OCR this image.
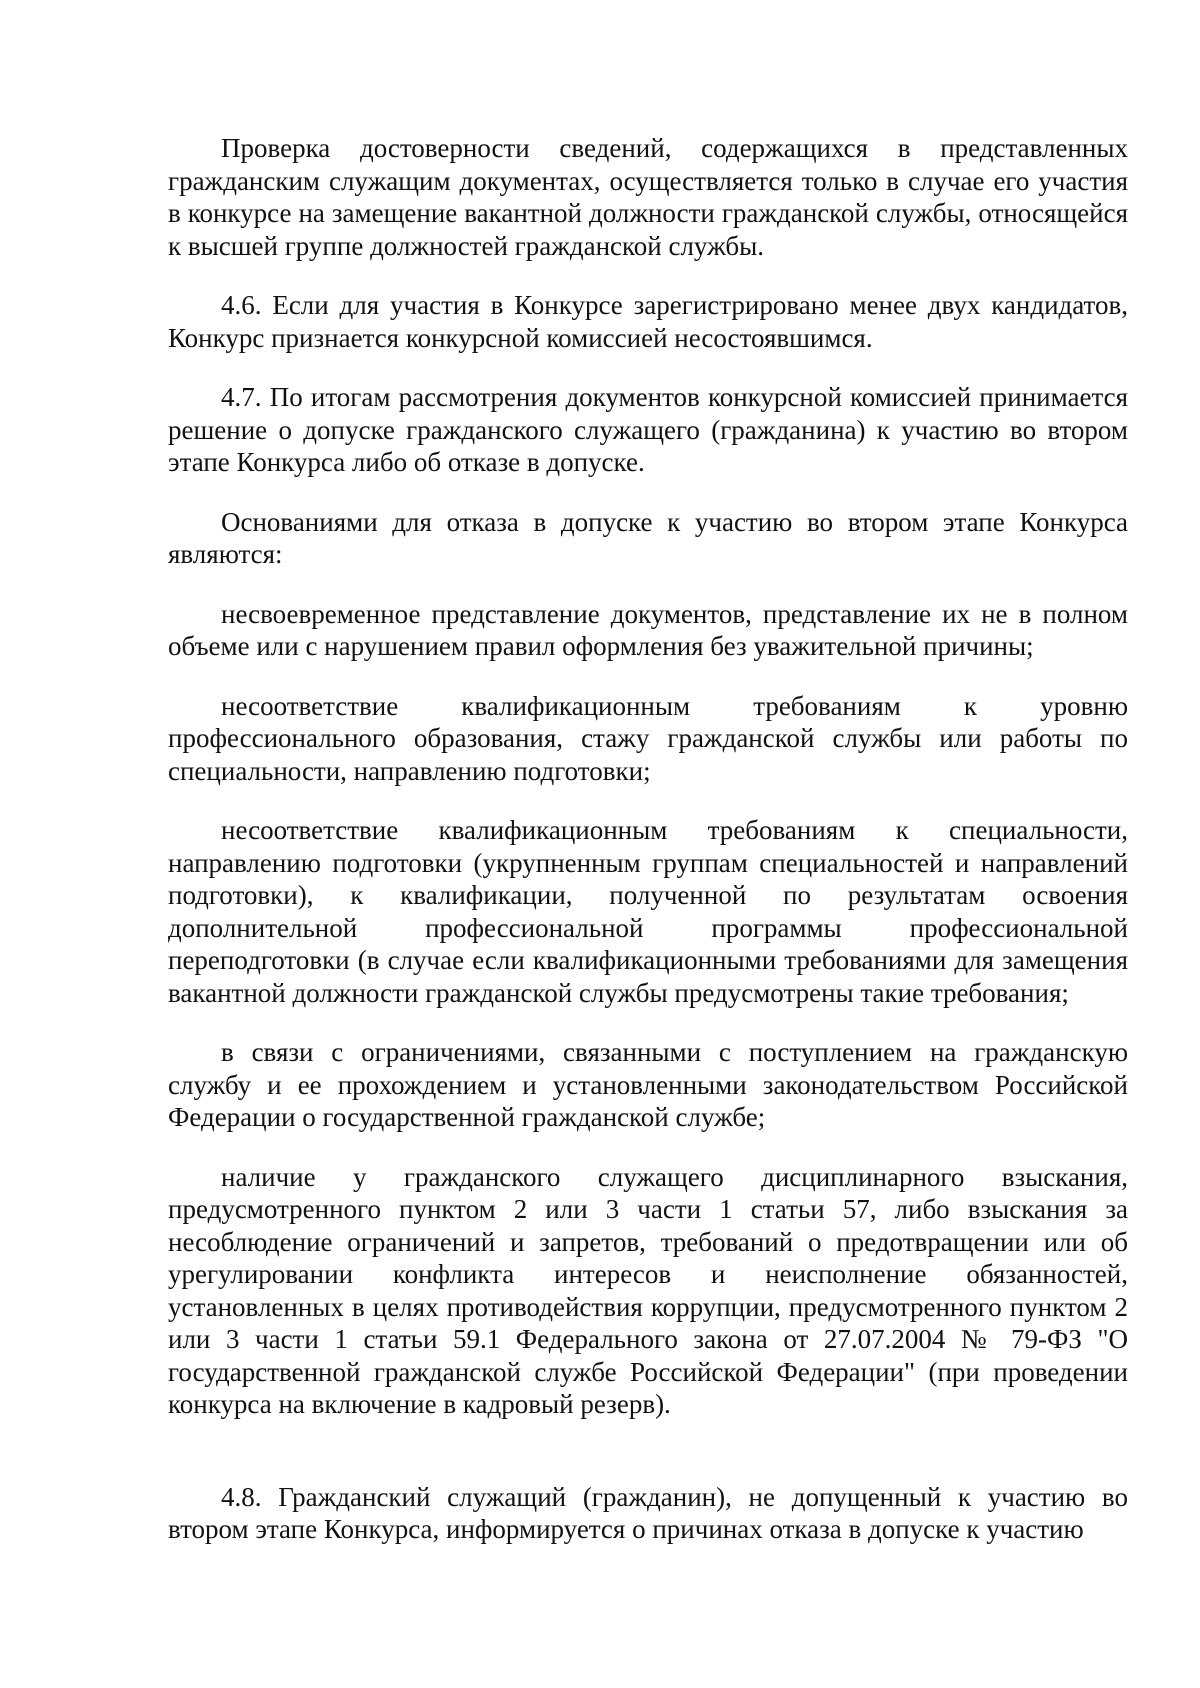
Проверка достоверности сведений, содержащихся в представленных гражданским служащим документах, осуществляется только в случае его участия в конкурсе на замещение вакантной должности гражданской службы, относящейся к высшей группе должностей гражданской службы.

4.6. Если для участия в Конкурсе зарегистрировано менее двух кандидатов, Конкурс признается конкурсной комиссией несостоявшимся.

4.7. По итогам рассмотрения документов конкурсной комиссией принимается решение о допуске гражданского служащего (гражданина) к участию во втором этапе Конкурса либо об отказе в допуске.

Основаниями для отказа в допуске к участию во втором этапе Конкурса являются:

несвоевременное представление документов, представление их не в полном объеме или с нарушением правил оформления без уважительной причины;

несоответствие квалификационным требованиям к уровню профессионального образования, стажу гражданской службы или работы по специальности, направлению подготовки;

несоответствие квалификационным требованиям к специальности, направлению подготовки (укрупненным группам специальностей и направлений подготовки), к квалификации, полученной по результатам освоения дополнительной профессиональной программы профессиональной переподготовки (в случае если квалификационными требованиями для замещения вакантной должности гражданской службы предусмотрены такие требования;

в связи с ограничениями, связанными с поступлением на гражданскую службу и ее прохождением и установленными законодательством Российской Федерации о государственной гражданской службе;

наличие у гражданского служащего дисциплинарного взыскания, предусмотренного пунктом 2 или 3 части 1 статьи 57, либо взыскания за несоблюдение ограничений и запретов, требований о предотвращении или об урегулировании конфликта интересов и неисполнение обязанностей, установленных в целях противодействия коррупции, предусмотренного пунктом 2 или 3 части 1 статьи 59.1 Федерального закона от 27.07.2004 № 79-ФЗ "О государственной гражданской службе Российской Федерации" (при проведении конкурса на включение в кадровый резерв).

4.8. Гражданский служащий (гражданин), не допущенный к участию во втором этапе Конкурса, информируется о причинах отказа в допуске к участию
